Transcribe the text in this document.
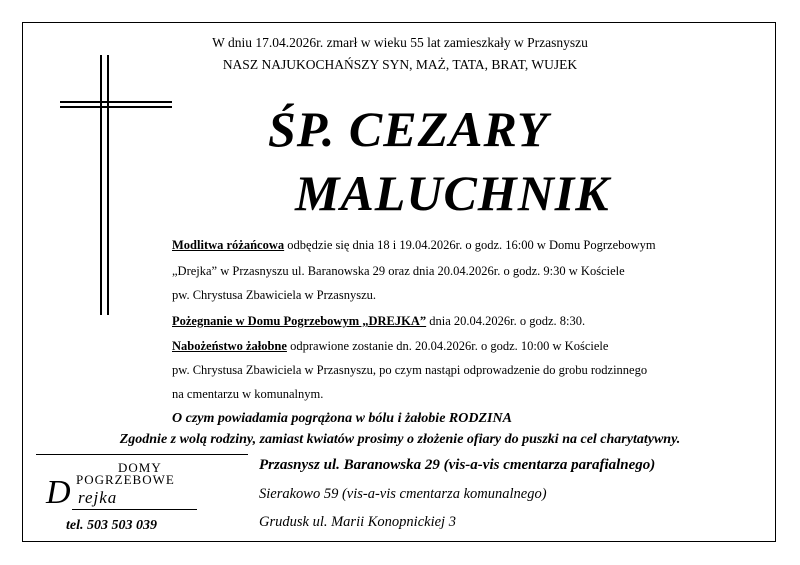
W dniu 17.04.2026r. zmarł w wieku 55 lat zamieszkały w Przasnyszu
NASZ NAJUKOCHAŃSZY SYN, MAŻ, TATA, BRAT, WUJEK
ŚP. CEZARY
MALUCHNIK
Modlitwa różańcowa odbędzie się dnia 18 i 19.04.2026r. o godz. 16:00 w Domu Pogrzebowym
„Drejka” w Przasnyszu ul. Baranowska 29 oraz dnia 20.04.2026r. o godz. 9:30 w Kościele
pw. Chrystusa Zbawiciela w Przasnyszu.
Pożegnanie w Domu Pogrzebowym „DREJKA” dnia 20.04.2026r. o godz. 8:30.
Nabożeństwo żałobne odprawione zostanie dn. 20.04.2026r. o godz. 10:00 w Kościele
pw. Chrystusa Zbawiciela w Przasnyszu, po czym nastąpi odprowadzenie do grobu rodzinnego
na cmentarzu w komunalnym.
O czym powiadamia pogrążona w bólu i żałobie RODZINA
Zgodnie z wolą rodziny, zamiast kwiatów prosimy o złożenie ofiary do puszki na cel charytatywny.
DOMY
POGRZEBOWE
D rejka
tel. 503 503 039
Przasnysz ul. Baranowska 29 (vis-a-vis cmentarza parafialnego)
Sierakowo 59 (vis-a-vis cmentarza komunalnego)
Grudusk ul. Marii Konopnickiej 3
